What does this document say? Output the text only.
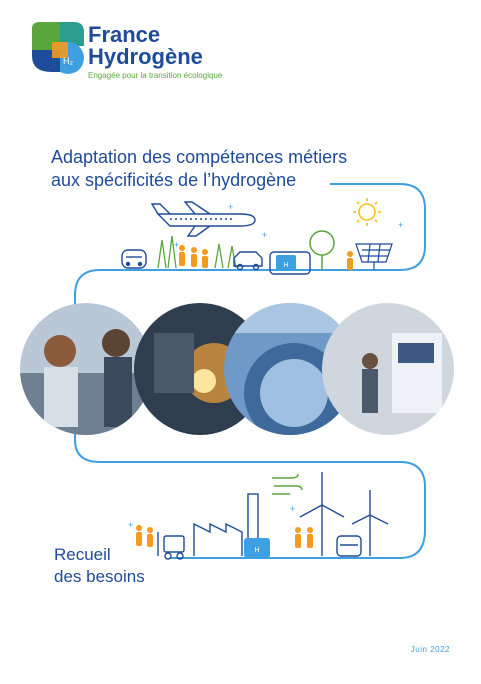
H₂
France
Hydrogène
Engagée pour la transition écologique
Adaptation des compétences métiers
aux spécificités de l’hydrogène
H
+
+
+
+
+
+
H
Recueil
des besoins
Juin 2022
